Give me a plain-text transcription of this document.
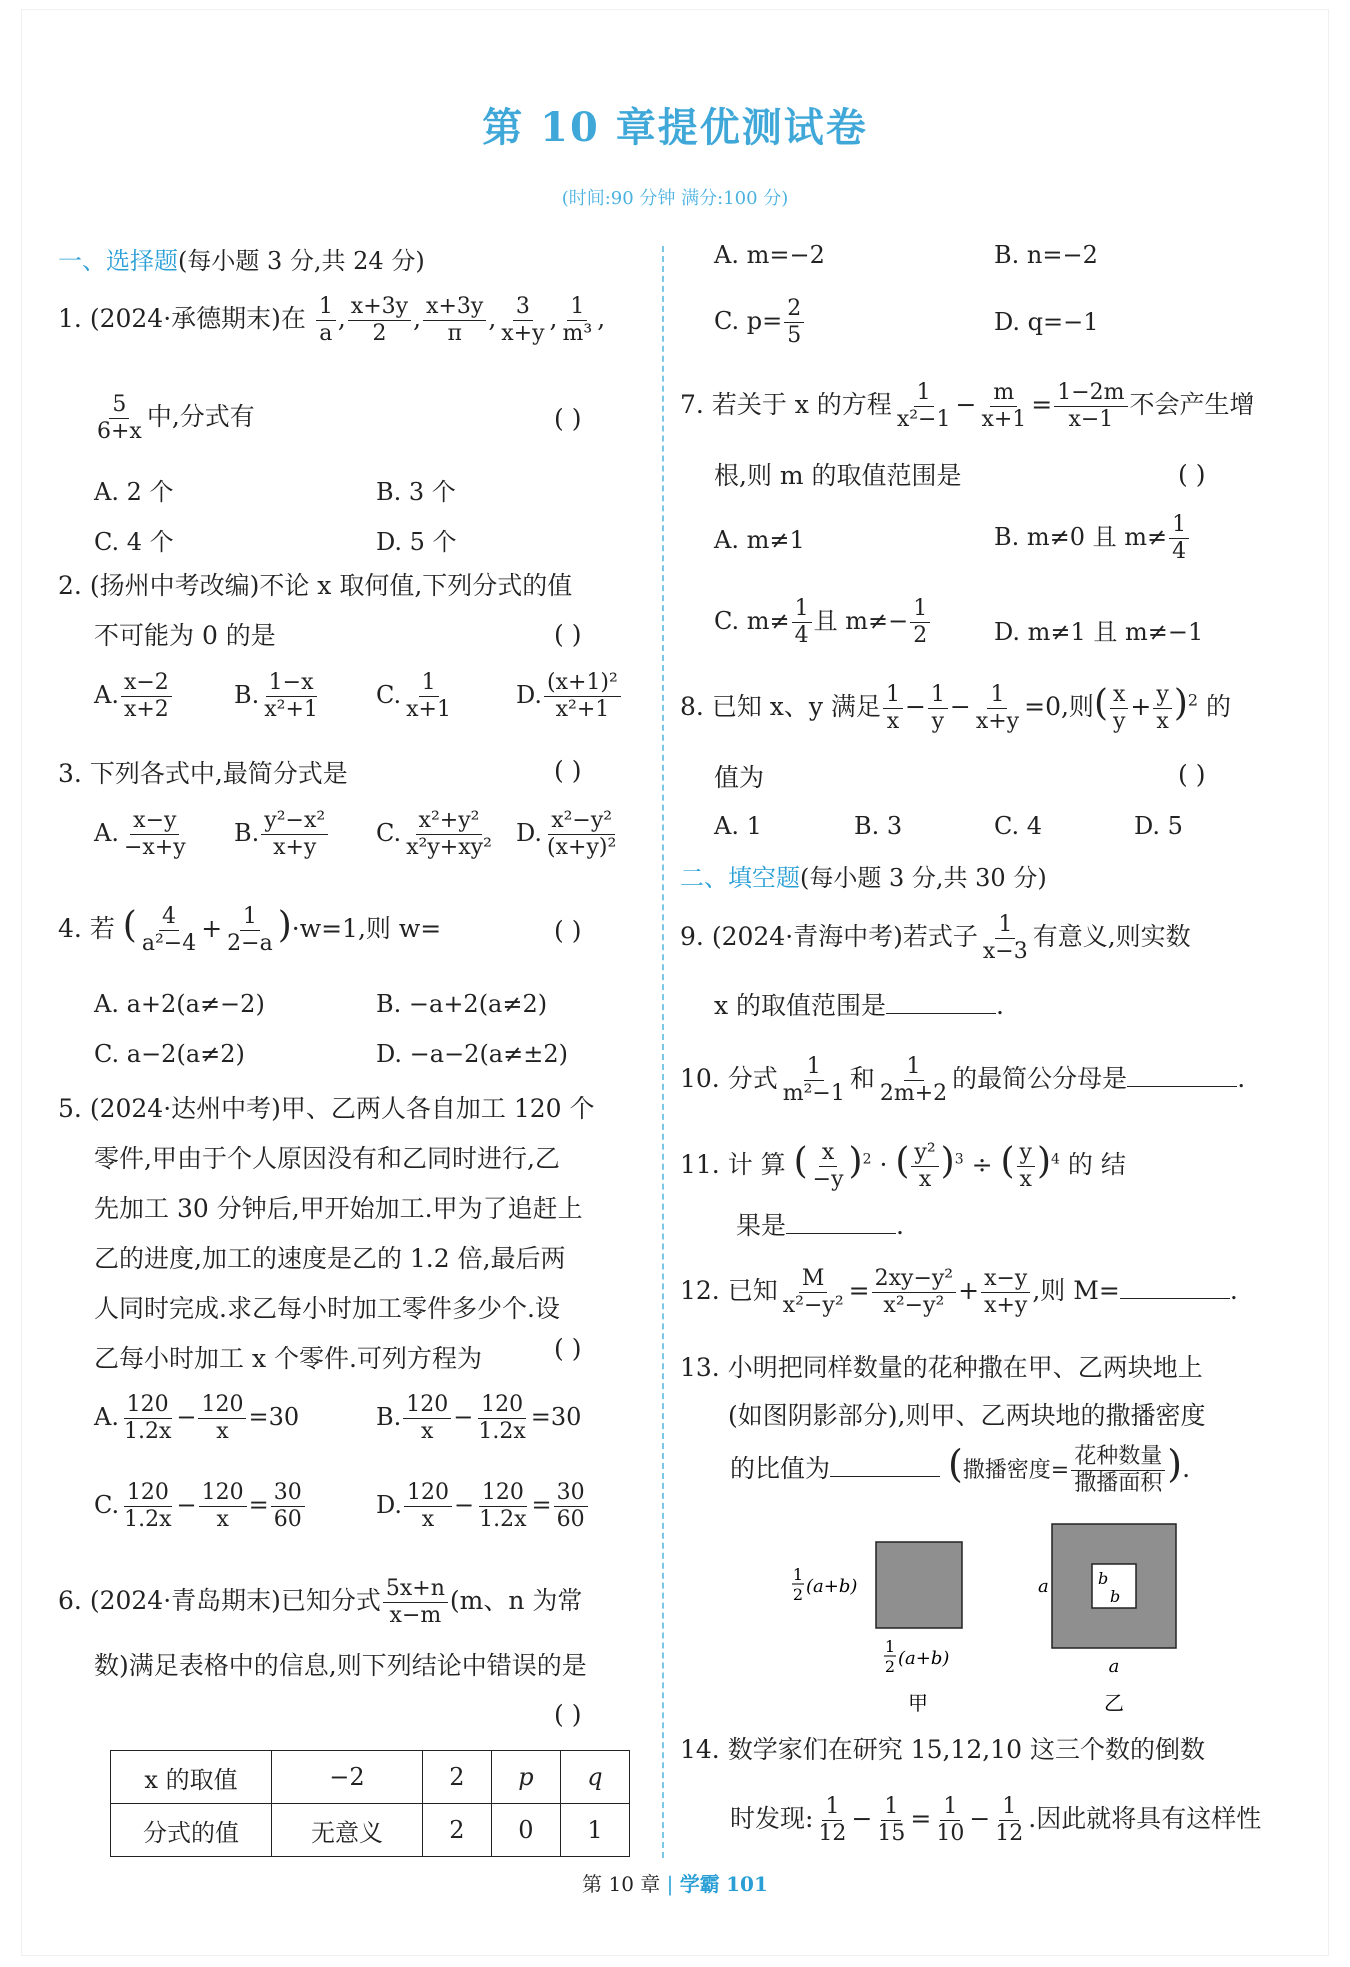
第 10 章提优测试卷
(时间:90 分钟 满分:100 分)
一、选择题(每小题 3 分,共 24 分)
1. (2024·承德期末)在 $\frac{1}{a}$ , $\frac{x+3y}{2}$ , $\frac{x+3y}{\pi}$ , $\frac{3}{x+y}$ , $\frac{1}{\text{m³}}$ ,
$\frac{5}{6+x}$ 中,分式有	( )
A. 2 个	B. 3 个
C. 4 个	D. 5 个
2. (扬州中考改编)不论 x 取何值,下列分式的值
不可能为 0 的是	( )
A. $\frac{x-2}{x+2}$	B. $\frac{1-x}{\text{x²+1}} C$. $\frac{1}{x+1}$	D. $\frac{\text{(x+1)²}}{\text{x²+1}}$
3. 下列各式中,最简分式是	( )
A. $\frac{x-y}{-x+y} B$. $\frac{\text{y²−x²}}{x+y} C$. $\frac{\text{x²+y²}}{\text{x²y+xy²}} D$. $\frac{\text{x²−y²}}{\text{(x+y)²}}$
4. 若 ( $\frac{4}{\text{a²−4}} + \frac{1}{2-a} )\cdot w=1$,则 w=	( )
A. a+2(a≠−2)	B. −a+2(a≠2)
C. a−2(a≠2)	D. −a−2(a≠±2)
5. (2024·达州中考)甲、乙两人各自加工 120 个
零件,甲由于个人原因没有和乙同时进行,乙
先加工 30 分钟后,甲开始加工.甲为了追赶上
乙的进度,加工的速度是乙的 1.2 倍,最后两
人同时完成.求乙每小时加工零件多少个.设
乙每小时加工 x 个零件.可列方程为	( )
A. $\frac{120}{1.2x} - \frac{120}{x} =30$	B. $\frac{120}{x} - \frac{120}{1.2x} =30$
C. $\frac{120}{1.2x} - \frac{120}{x} = \frac{30}{60}$	D. $\frac{120}{x} - \frac{120}{1.2x} = \frac{30}{60}$
6. (2024·青岛期末)已知分式 $\frac{5x+n}{x-m} (m$、n 为常
数)满足表格中的信息,则下列结论中错误的是
( )
x 的取值	−2	2	p	q
分式的值	无意义	2	0	1
A. m=−2	B. n=−2
C. $p= \frac{2}{5}$	D. q=−1
7. 若关于 x 的方程 $\frac{1}{\text{x²−1}} - \frac{m}{x+1} = \frac{1-2m}{x-1}$ 不会产生增
根,则 m 的取值范围是	( )
A. m≠1	B. m≠0 且 $m\ne \frac{1}{4}$
C. $m\ne \frac{1}{4}$ 且 $m\ne- \frac{1}{2}$	D. m≠1 且 m≠−1
8. 已知 x、y 满足 $\frac{1}{x} - \frac{1}{y} - \frac{1}{x+y} =0$,则( $\frac{x}{y} + \frac{y}{x} )^2$ 的
值为	( )
A. 1	B. 3	C. 4	D. 5
二、填空题(每小题 3 分,共 30 分)
9. (2024·青海中考)若式子 $\frac{1}{x-3}$ 有意义,则实数
x 的取值范围是	.
10. 分式 $\frac{1}{\text{m²−1}}$ 和 $\frac{1}{2m+2}$ 的最简公分母是	.
11. 计 算 ( $\frac{x}{-y} )^2$ · ( $\frac{\text{y²}}{x} )^3$ ÷ ( $\frac{y}{x} )^4$ 的 结
果是	.
12. 已知 $\frac{M}{\text{x²−y²}} = \frac{\text{2xy−y²}}{\text{x²−y²}} + \frac{x-y}{x+y}$ ,则 M=	.
13. 小明把同样数量的花种撒在甲、乙两块地上
(如图阴影部分),则甲、乙两块地的撒播密度
的比值为	(撒播密度= $\frac{\text{花种数量}}{\text{撒播面积}}$ ).
1
2 (a+b)
1
2 (a+b)
甲
a
a
b
b
乙
14. 数学家们在研究 15,12,10 这三个数的倒数
时发现: $\frac{1}{12} - \frac{1}{15} = \frac{1}{10} - \frac{1}{12}$ .因此就将具有这样性
第 10 章 | 学霸 101
